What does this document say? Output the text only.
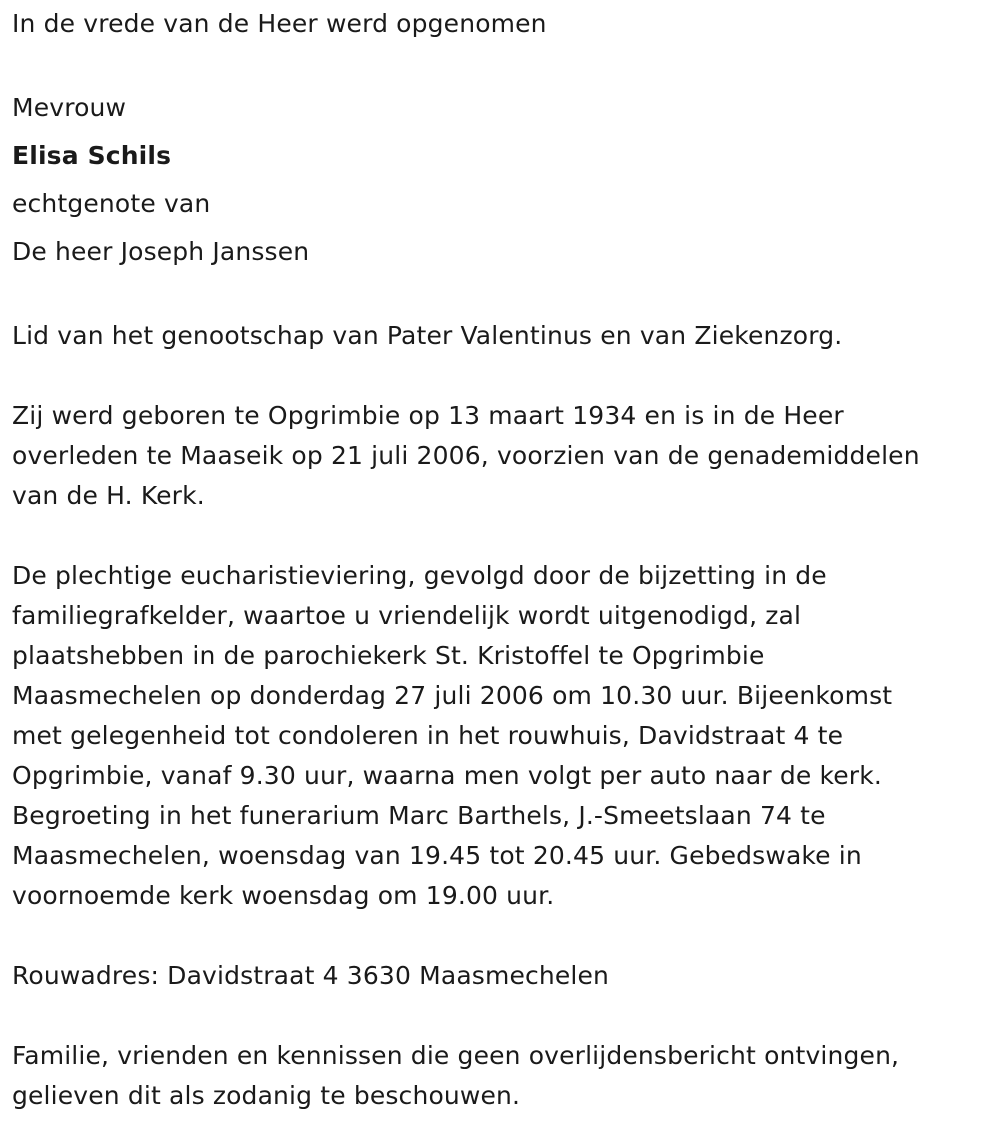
In de vrede van de Heer werd opgenomen
Mevrouw
Elisa Schils
echtgenote van
De heer Joseph Janssen
Lid van het genootschap van Pater Valentinus en van Ziekenzorg.
Zij werd geboren te Opgrimbie op 13 maart 1934 en is in de Heer
overleden te Maaseik op 21 juli 2006, voorzien van de genademiddelen
van de H. Kerk.
De plechtige eucharistieviering, gevolgd door de bijzetting in de
familiegrafkelder, waartoe u vriendelijk wordt uitgenodigd, zal
plaatshebben in de parochiekerk St. Kristoffel te Opgrimbie
Maasmechelen op donderdag 27 juli 2006 om 10.30 uur. Bijeenkomst
met gelegenheid tot condoleren in het rouwhuis, Davidstraat 4 te
Opgrimbie, vanaf 9.30 uur, waarna men volgt per auto naar de kerk.
Begroeting in het funerarium Marc Barthels, J.-Smeetslaan 74 te
Maasmechelen, woensdag van 19.45 tot 20.45 uur. Gebedswake in
voornoemde kerk woensdag om 19.00 uur.
Rouwadres: Davidstraat 4 3630 Maasmechelen
Familie, vrienden en kennissen die geen overlijdensbericht ontvingen,
gelieven dit als zodanig te beschouwen.
